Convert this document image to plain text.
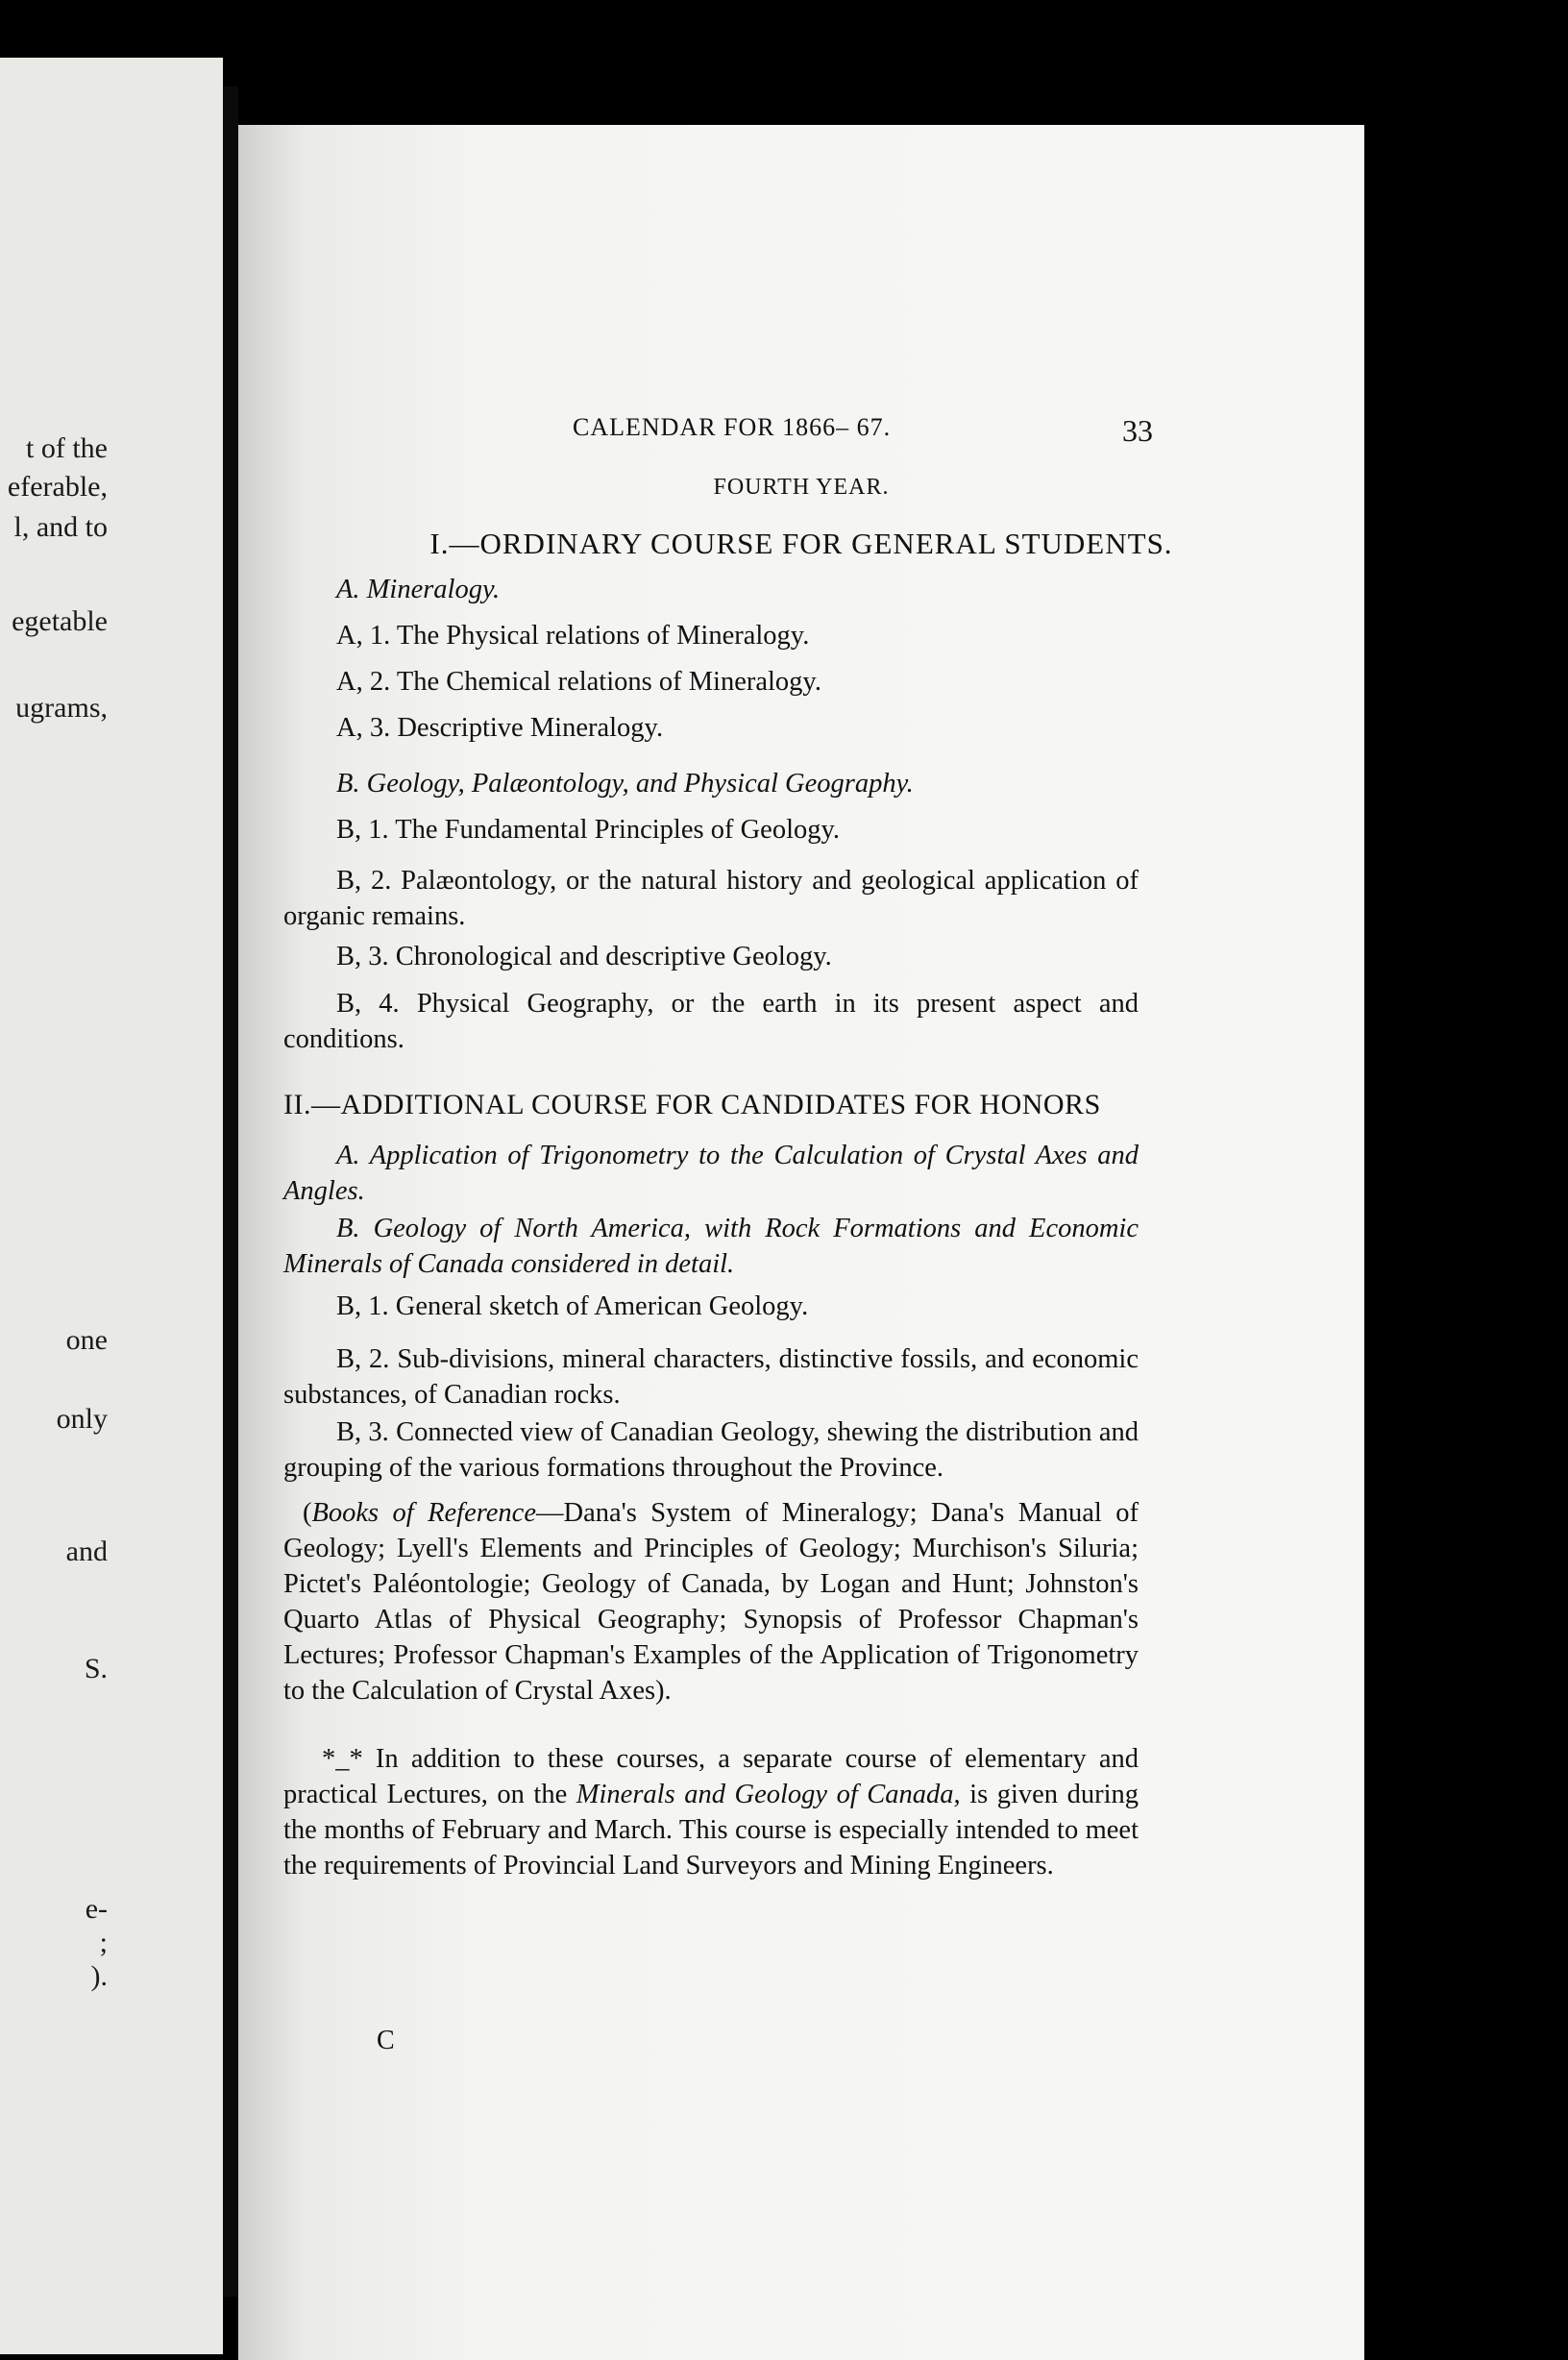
t of the
eferable,
l, and to
egetable
ugrams,
one
only
and
S.
e-
;
).
CALENDAR FOR 1866– 67.	33
FOURTH YEAR.
I.—ORDINARY COURSE FOR GENERAL STUDENTS.
A. Mineralogy.
A, 1. The Physical relations of Mineralogy.
A, 2. The Chemical relations of Mineralogy.
A, 3. Descriptive Mineralogy.
B. Geology, Palæontology, and Physical Geography.
B, 1. The Fundamental Principles of Geology.
B, 2. Palæontology, or the natural history and geological application of organic remains.
B, 3. Chronological and descriptive Geology.
B, 4. Physical Geography, or the earth in its present aspect and conditions.
II.—ADDITIONAL COURSE FOR CANDIDATES FOR HONORS
A. Application of Trigonometry to the Calculation of Crystal Axes and Angles.
B. Geology of North America, with Rock Formations and Economic Minerals of Canada considered in detail.
B, 1. General sketch of American Geology.
B, 2. Sub-divisions, mineral characters, distinctive fossils, and economic substances, of Canadian rocks.
B, 3. Connected view of Canadian Geology, shewing the distribution and grouping of the various formations throughout the Province.
(Books of Reference—Dana's System of Mineralogy; Dana's Manual of Geology; Lyell's Elements and Principles of Geology; Murchison's Siluria; Pictet's Paléontologie; Geology of Canada, by Logan and Hunt; Johnston's Quarto Atlas of Physical Geography; Synopsis of Professor Chapman's Lectures; Professor Chapman's Examples of the Application of Trigonometry to the Calculation of Crystal Axes).
*_* In addition to these courses, a separate course of elementary and practical Lectures, on the Minerals and Geology of Canada, is given during the months of February and March. This course is especially intended to meet the requirements of Provincial Land Surveyors and Mining Engineers.
C
